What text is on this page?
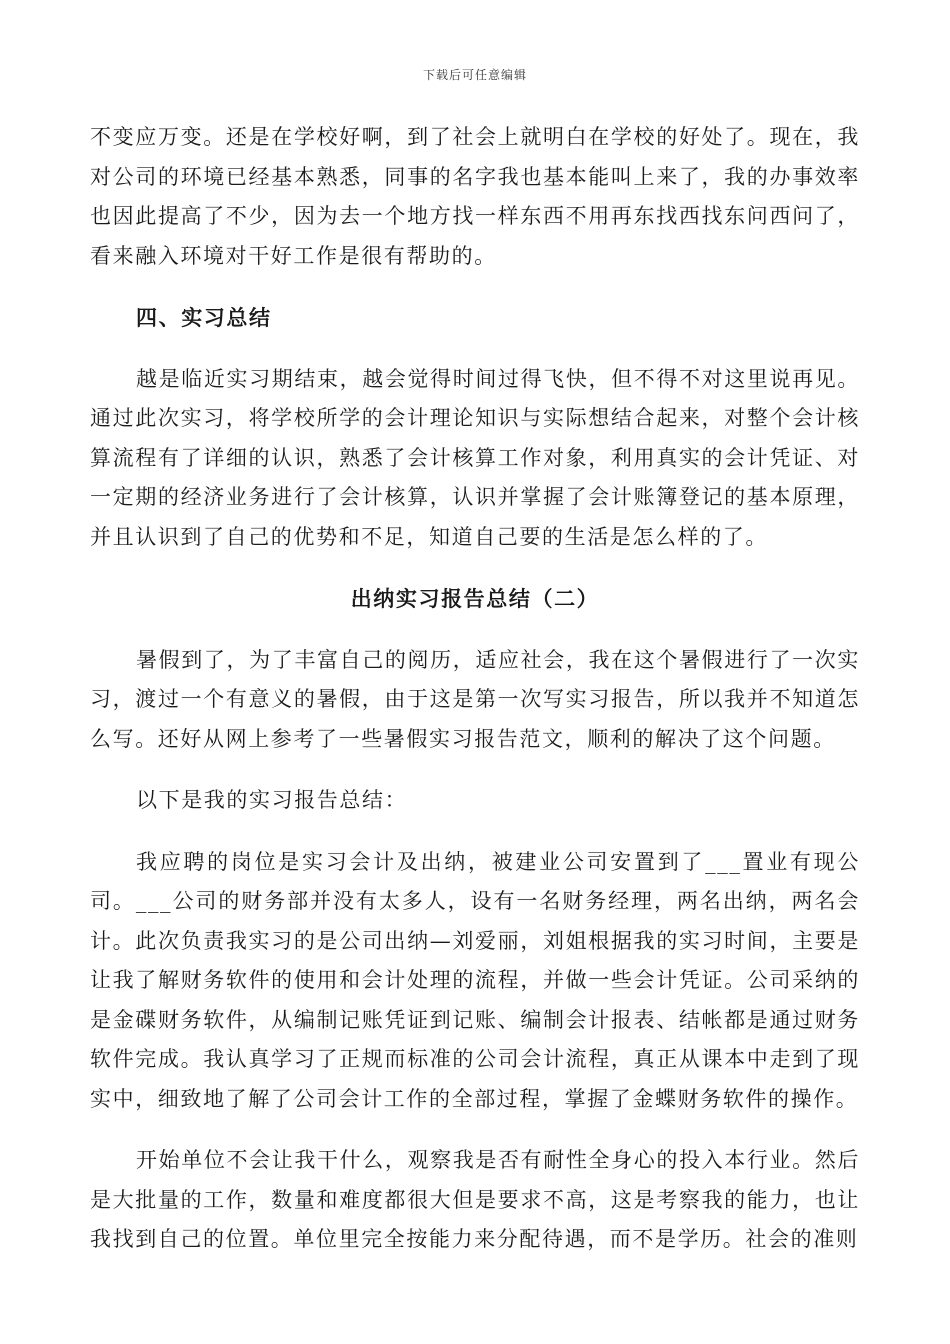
下载后可任意编辑

不变应万变。还是在学校好啊，到了社会上就明白在学校的好处了。现在，我对公司的环境已经基本熟悉，同事的名字我也基本能叫上来了，我的办事效率也因此提高了不少，因为去一个地方找一样东西不用再东找西找东问西问了，看来融入环境对干好工作是很有帮助的。

四、实习总结

越是临近实习期结束，越会觉得时间过得飞快，但不得不对这里说再见。通过此次实习，将学校所学的会计理论知识与实际想结合起来，对整个会计核算流程有了详细的认识，熟悉了会计核算工作对象，利用真实的会计凭证、对一定期的经济业务进行了会计核算，认识并掌握了会计账簿登记的基本原理，并且认识到了自己的优势和不足，知道自己要的生活是怎么样的了。

出纳实习报告总结（二）

暑假到了，为了丰富自己的阅历，适应社会，我在这个暑假进行了一次实习，渡过一个有意义的暑假，由于这是第一次写实习报告，所以我并不知道怎么写。还好从网上参考了一些暑假实习报告范文，顺利的解决了这个问题。

以下是我的实习报告总结：

我应聘的岗位是实习会计及出纳，被建业公司安置到了___置业有现公司。___公司的财务部并没有太多人，设有一名财务经理，两名出纳，两名会计。此次负责我实习的是公司出纳—刘爱丽，刘姐根据我的实习时间，主要是让我了解财务软件的使用和会计处理的流程，并做一些会计凭证。公司采纳的是金碟财务软件，从编制记账凭证到记账、编制会计报表、结帐都是通过财务软件完成。我认真学习了正规而标准的公司会计流程，真正从课本中走到了现实中，细致地了解了公司会计工作的全部过程，掌握了金蝶财务软件的操作。

开始单位不会让我干什么，观察我是否有耐性全身心的投入本行业。然后是大批量的工作，数量和难度都很大但是要求不高，这是考察我的能力，也让我找到自己的位置。单位里完全按能力来分配待遇，而不是学历。社会的准则
